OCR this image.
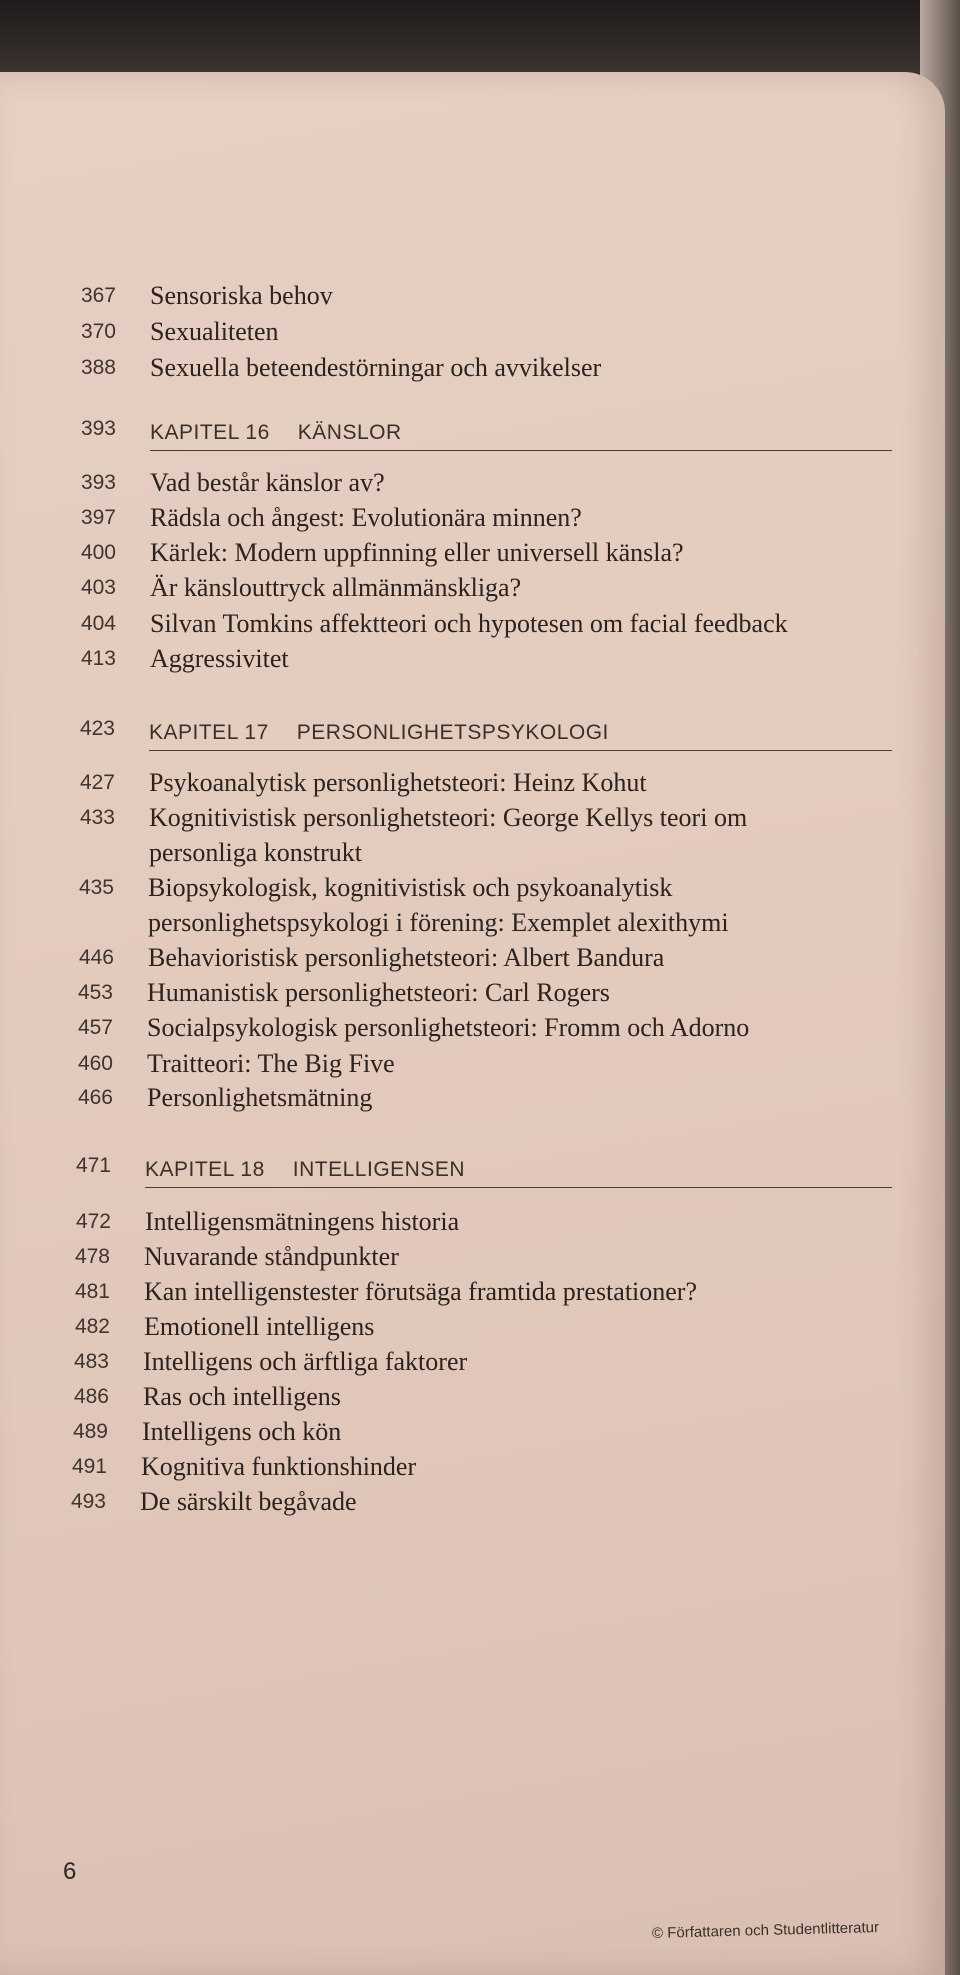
367 Sensoriska behov
370 Sexualiteten
388 Sexuella beteendestörningar och avvikelser
393 KAPITEL 16 KÄNSLOR
393 Vad består känslor av?
397 Rädsla och ångest: Evolutionära minnen?
400 Kärlek: Modern uppfinning eller universell känsla?
403 Är känslouttryck allmänmänskliga?
404 Silvan Tomkins affektteori och hypotesen om facial feedback
413 Aggressivitet
423 KAPITEL 17 PERSONLIGHETSPSYKOLOGI
427 Psykoanalytisk personlighetsteori: Heinz Kohut
433 Kognitivistisk personlighetsteori: George Kellys teori om
personliga konstrukt
435 Biopsykologisk, kognitivistisk och psykoanalytisk
personlighetspsykologi i förening: Exemplet alexithymi
446 Behavioristisk personlighetsteori: Albert Bandura
453 Humanistisk personlighetsteori: Carl Rogers
457 Socialpsykologisk personlighetsteori: Fromm och Adorno
460 Traitteori: The Big Five
466 Personlighetsmätning
471 KAPITEL 18 INTELLIGENSEN
472 Intelligensmätningens historia
478 Nuvarande ståndpunkter
481 Kan intelligenstester förutsäga framtida prestationer?
482 Emotionell intelligens
483 Intelligens och ärftliga faktorer
486 Ras och intelligens
489 Intelligens och kön
491 Kognitiva funktionshinder
493 De särskilt begåvade
6
© Författaren och Studentlitteratur
